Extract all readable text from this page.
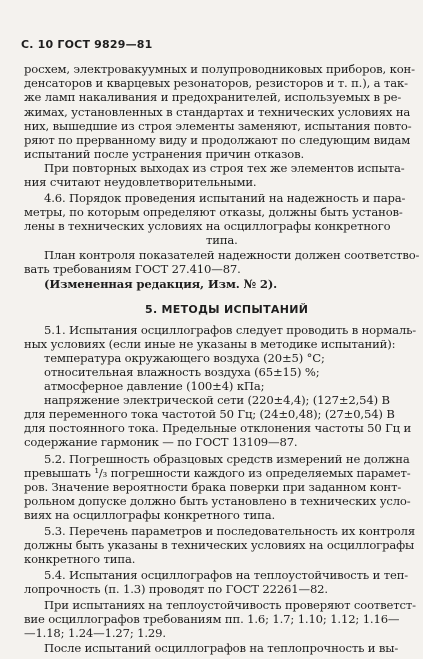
С. 10 ГОСТ 9829—81
росхем, электровакуумных и полупроводниковых приборов, кон-
денсаторов и кварцевых резонаторов, резисторов и т. п.), а так-
же ламп накаливания и предохранителей, используемых в ре-
жимах, установленных в стандартах и технических условиях на
них, вышедшие из строя элементы заменяют, испытания повто-
ряют по прерванному виду и продолжают по следующим видам
испытаний после устранения причин отказов.
При повторных выходах из строя тех же элементов испыта-
ния считают неудовлетворительными.
4.6. Порядок проведения испытаний на надежность и пара-
метры, по которым определяют отказы, должны быть установ-
лены в технических условиях на осциллографы конкретного
типа.
План контроля показателей надежности должен соответство-
вать требованиям ГОСТ 27.410—87.
(Измененная редакция, Изм. № 2).
5. МЕТОДЫ ИСПЫТАНИЙ
5.1. Испытания осциллографов следует проводить в нормаль-
ных условиях (если иные не указаны в методике испытаний):
температура окружающего воздуха (20±5) °С;
относительная влажность воздуха (65±15) %;
атмосферное давление (100±4) кПа;
напряжение электрической сети (220±4,4); (127±2,54) В
для переменного тока частотой 50 Гц; (24±0,48); (27±0,54) В
для постоянного тока. Предельные отклонения частоты 50 Гц и
содержание гармоник — по ГОСТ 13109—87.
5.2. Погрешность образцовых средств измерений не должна
превышать ¹/₃ погрешности каждого из определяемых парамет-
ров. Значение вероятности брака поверки при заданном конт-
рольном допуске должно быть установлено в технических усло-
виях на осциллографы конкретного типа.
5.3. Перечень параметров и последовательность их контроля
должны быть указаны в технических условиях на осциллографы
конкретного типа.
5.4. Испытания осциллографов на теплоустойчивость и теп-
лопрочность (п. 1.3) проводят по ГОСТ 22261—82.
При испытаниях на теплоустойчивость проверяют соответст-
вие осциллографов требованиям пп. 1.6; 1.7; 1.10; 1.12; 1.16—
—1.18; 1.24—1.27; 1.29.
После испытаний осциллографов на теплопрочность и вы-
